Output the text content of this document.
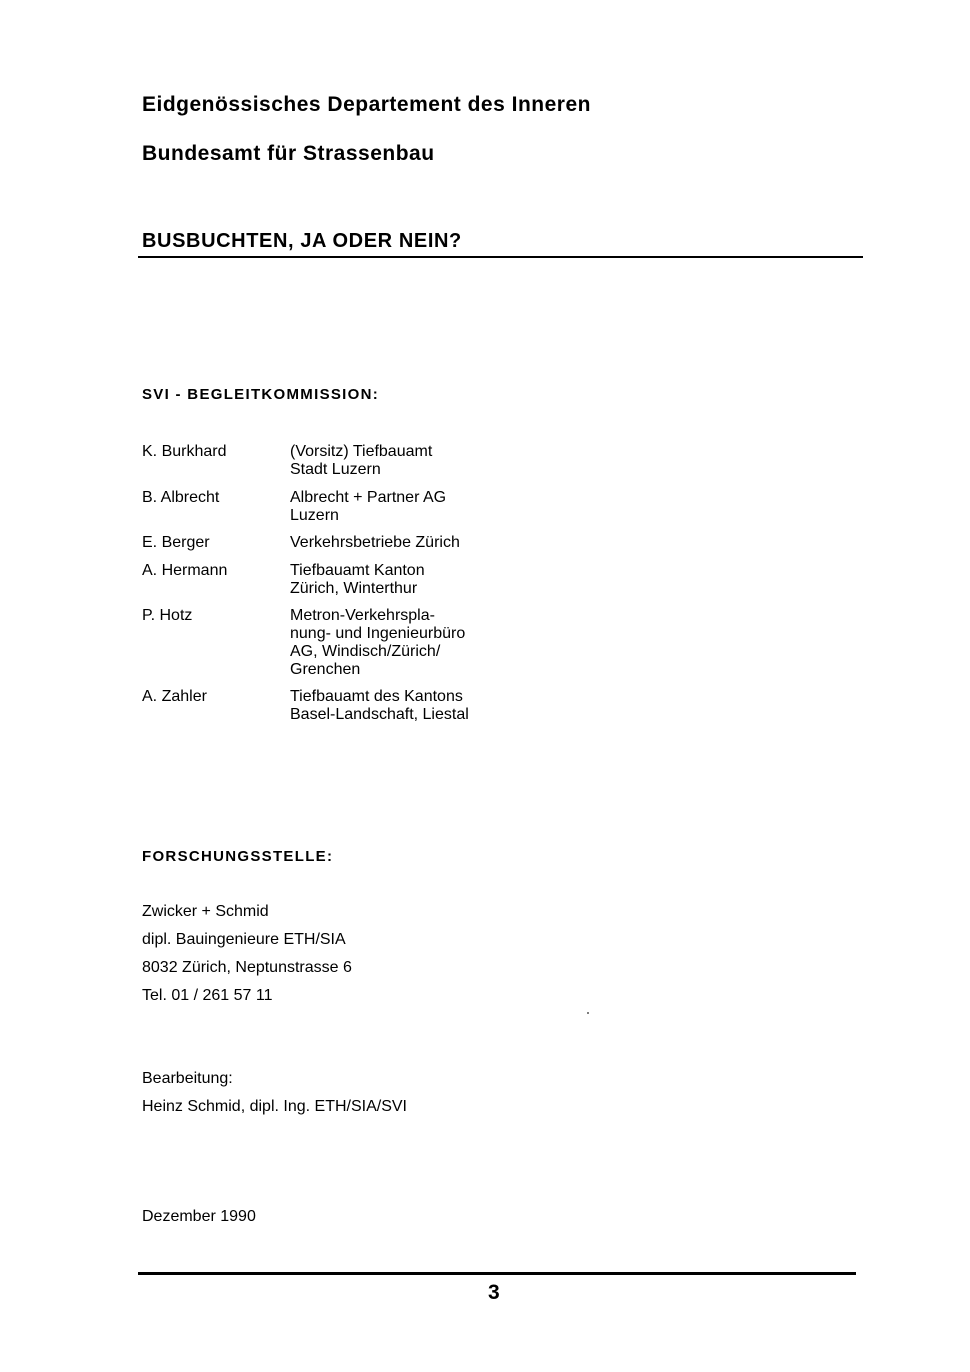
Eidgenössisches Departement des Inneren
Bundesamt für Strassenbau
BUSBUCHTEN, JA ODER NEIN?
SVI - BEGLEITKOMMISSION:
K. Burkhard	(Vorsitz) Tiefbauamt
Stadt Luzern
B. Albrecht	Albrecht + Partner AG
Luzern
E. Berger	Verkehrsbetriebe Zürich
A. Hermann	Tiefbauamt Kanton
Zürich, Winterthur
P. Hotz	Metron-Verkehrspla-
nung- und Ingenieurbüro
AG, Windisch/Zürich/
Grenchen
A. Zahler	Tiefbauamt des Kantons
Basel-Landschaft, Liestal
FORSCHUNGSSTELLE:
Zwicker + Schmid
dipl. Bauingenieure ETH/SIA
8032 Zürich, Neptunstrasse 6
Tel. 01 / 261 57 11
Bearbeitung:
Heinz Schmid, dipl. Ing. ETH/SIA/SVI
Dezember 1990
3
